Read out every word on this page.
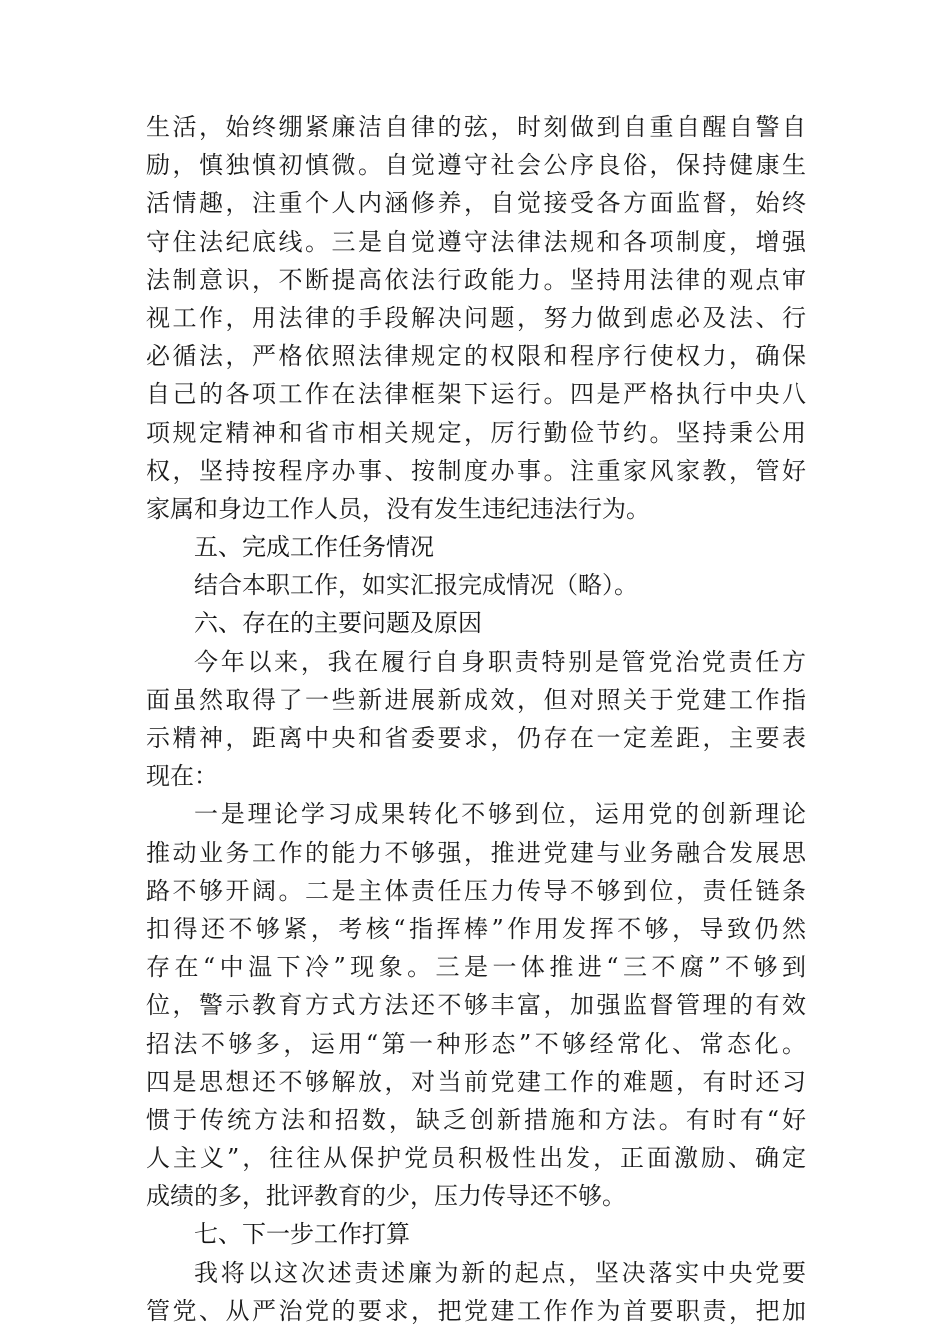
生活，始终绷紧廉洁自律的弦，时刻做到自重自醒自警自
励，慎独慎初慎微。自觉遵守社会公序良俗，保持健康生
活情趣，注重个人内涵修养，自觉接受各方面监督，始终
守住法纪底线。三是自觉遵守法律法规和各项制度，增强
法制意识，不断提高依法行政能力。坚持用法律的观点审
视工作，用法律的手段解决问题，努力做到虑必及法、行
必循法，严格依照法律规定的权限和程序行使权力，确保
自己的各项工作在法律框架下运行。四是严格执行中央八
项规定精神和省市相关规定，厉行勤俭节约。坚持秉公用
权，坚持按程序办事、按制度办事。注重家风家教，管好
家属和身边工作人员，没有发生违纪违法行为。
五、完成工作任务情况
结合本职工作，如实汇报完成情况（略）。
六、存在的主要问题及原因
今年以来，我在履行自身职责特别是管党治党责任方
面虽然取得了一些新进展新成效，但对照关于党建工作指
示精神，距离中央和省委要求，仍存在一定差距，主要表
现在：
一是理论学习成果转化不够到位，运用党的创新理论
推动业务工作的能力不够强，推进党建与业务融合发展思
路不够开阔。二是主体责任压力传导不够到位，责任链条
扣得还不够紧，考核“指挥棒”作用发挥不够，导致仍然
存在“中温下冷”现象。三是一体推进“三不腐”不够到
位，警示教育方式方法还不够丰富，加强监督管理的有效
招法不够多，运用“第一种形态”不够经常化、常态化。
四是思想还不够解放，对当前党建工作的难题，有时还习
惯于传统方法和招数，缺乏创新措施和方法。有时有“好
人主义”，往往从保护党员积极性出发，正面激励、确定
成绩的多，批评教育的少，压力传导还不够。
七、下一步工作打算
我将以这次述责述廉为新的起点，坚决落实中央党要
管党、从严治党的要求，把党建工作作为首要职责，把加
